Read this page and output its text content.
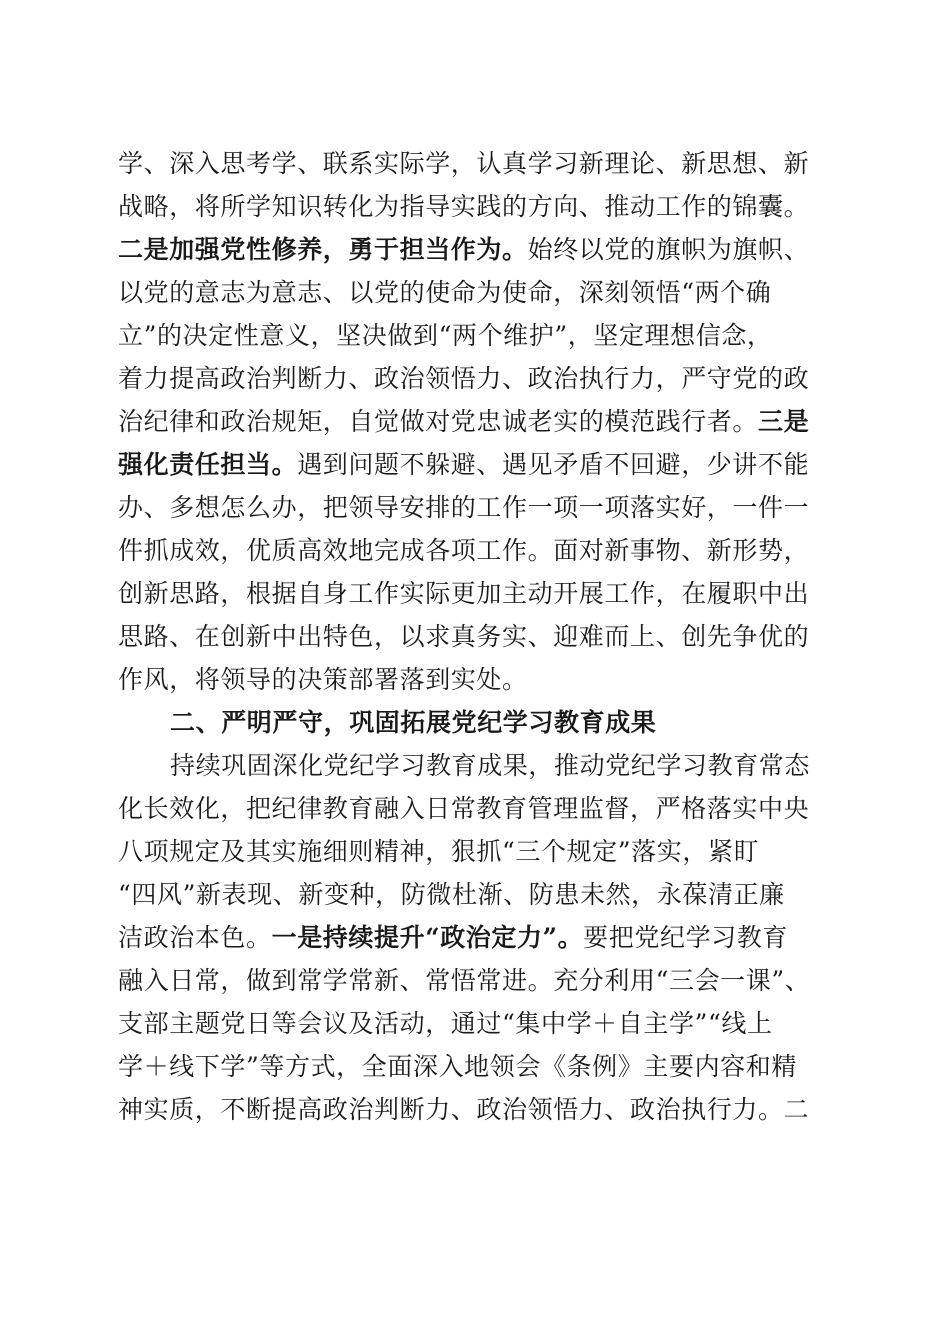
学、深入思考学、联系实际学，认真学习新理论、新思想、新
战略，将所学知识转化为指导实践的方向、推动工作的锦囊。
二是加强党性修养，勇于担当作为。始终以党的旗帜为旗帜、
以党的意志为意志、以党的使命为使命，深刻领悟“两个确
立”的决定性意义，坚决做到“两个维护”，坚定理想信念，
着力提高政治判断力、政治领悟力、政治执行力，严守党的政
治纪律和政治规矩，自觉做对党忠诚老实的模范践行者。三是
强化责任担当。遇到问题不躲避、遇见矛盾不回避，少讲不能
办、多想怎么办，把领导安排的工作一项一项落实好，一件一
件抓成效，优质高效地完成各项工作。面对新事物、新形势，
创新思路，根据自身工作实际更加主动开展工作，在履职中出
思路、在创新中出特色，以求真务实、迎难而上、创先争优的
作风，将领导的决策部署落到实处。
二、严明严守，巩固拓展党纪学习教育成果
持续巩固深化党纪学习教育成果，推动党纪学习教育常态
化长效化，把纪律教育融入日常教育管理监督，严格落实中央
八项规定及其实施细则精神，狠抓“三个规定”落实，紧盯
“四风”新表现、新变种，防微杜渐、防患未然，永葆清正廉
洁政治本色。一是持续提升“政治定力”。要把党纪学习教育
融入日常，做到常学常新、常悟常进。充分利用“三会一课”、
支部主题党日等会议及活动，通过“集中学＋自主学”“线上
学＋线下学”等方式，全面深入地领会《条例》主要内容和精
神实质，不断提高政治判断力、政治领悟力、政治执行力。二
